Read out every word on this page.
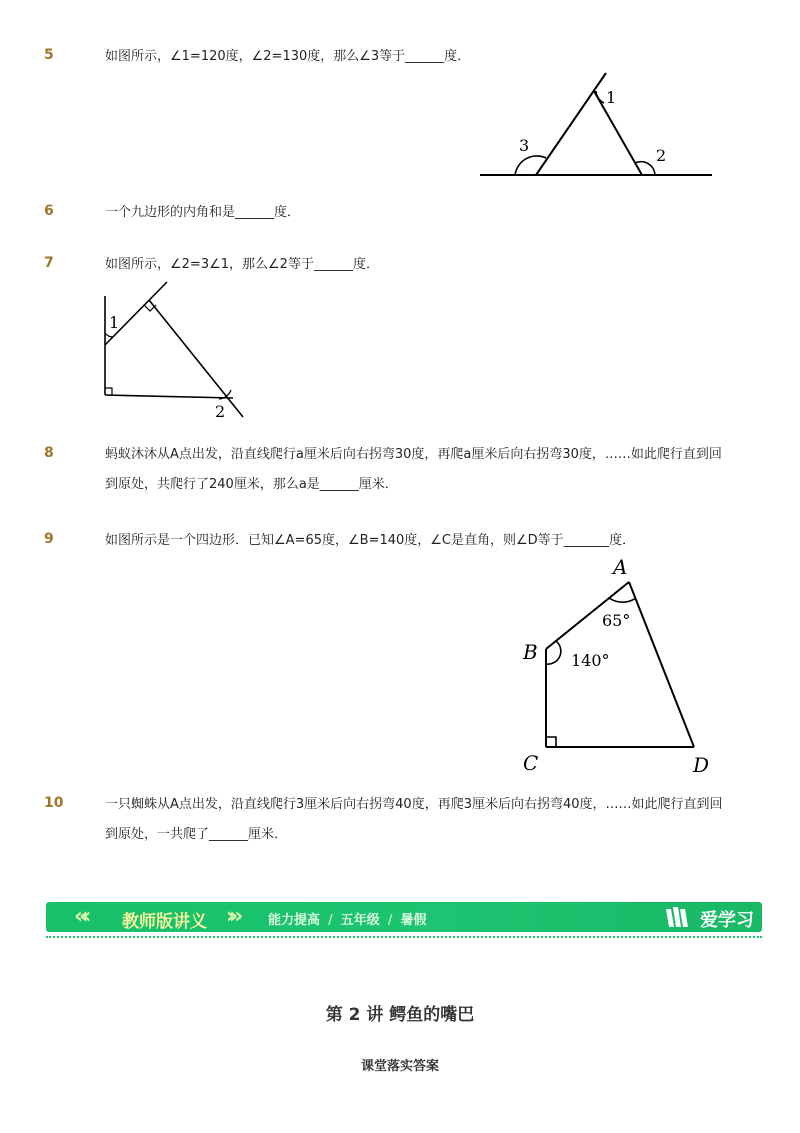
5	如图所示，∠1=120度，∠2=130度，那么∠3等于______度．
1
2
3
6	一个九边形的内角和是______度．
7	如图所示，∠2=3∠1，那么∠2等于______度．
1
2
8	蚂蚁沐沐从A点出发，沿直线爬行a厘米后向右拐弯30度，再爬a厘米后向右拐弯30度，……如此爬行直到回到原处，共爬行了240厘米，那么a是______厘米．
9	如图所示是一个四边形．已知∠A=65度，∠B=140度，∠C是直角，则∠D等于_______度．
A
B
C	D
65°
140°
10	一只蜘蛛从A点出发，沿直线爬行3厘米后向右拐弯40度，再爬3厘米后向右拐弯40度，……如此爬行直到回到原处，一共爬了______厘米．
«‹ 教师版讲义 ›» 能力提高 / 五年级 / 暑假	爱学习
第 2 讲 鳄鱼的嘴巴
课堂落实答案
